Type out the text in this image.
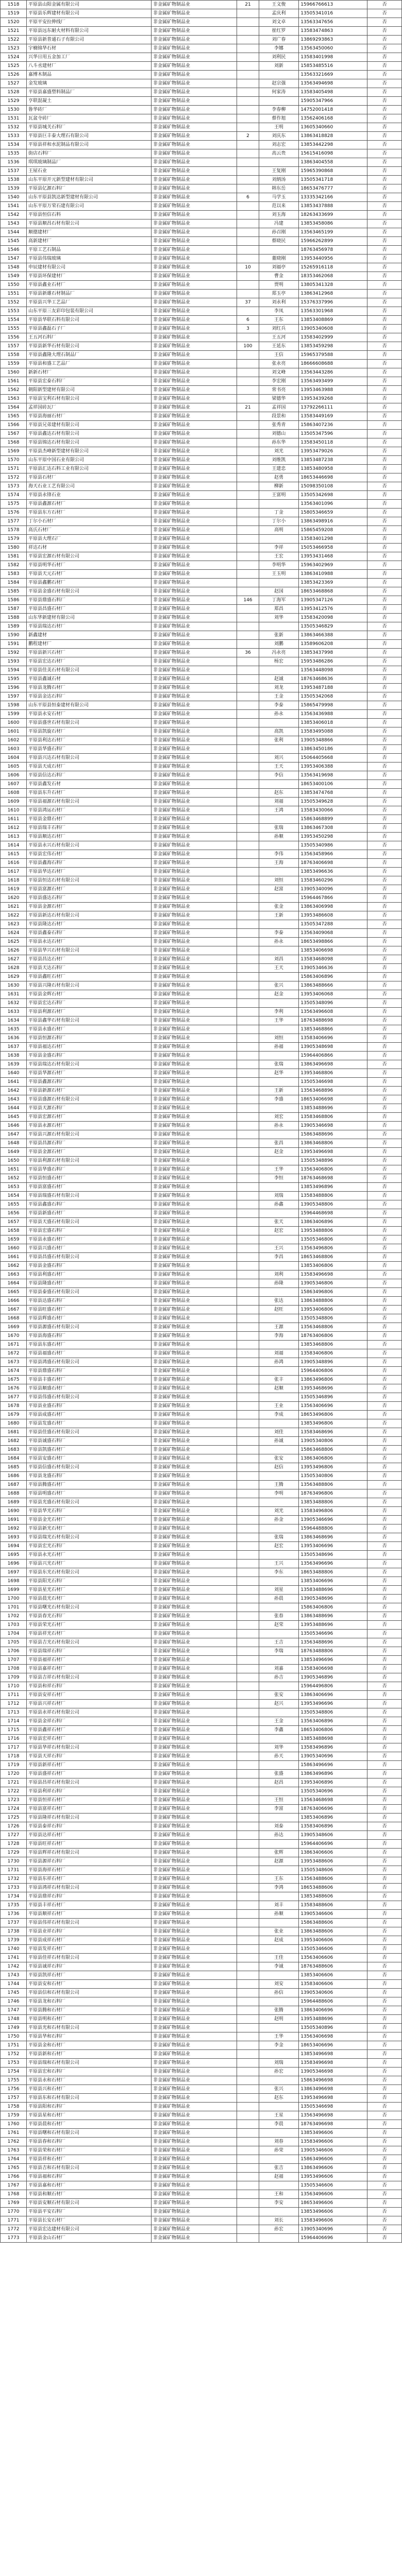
1518	平原县山阳金属有限公司	非金属矿物制品业	21	王文俊	15966766613	否
1519	平原县乐辉建材有限公司	非金属矿物制品业		孟庆利	13505341016	否
1520	平原平安拉伸线厂	非金属矿物制品业		刘文卓	13563347656	否
1521	平原县远东耐火材料有限公司	非金属矿物制品业		崔红罗	13583474863	否
1522	平原县新普通石子有限公司	非金属矿物制品业		刘广春	13869293863	否
1523	宇楠锦华石材	非金属矿物制品业		李娜	13563450060	否
1524	兴华日用五金加工厂	非金属矿物制品业		刘利民	13583401998	否
1525	八斗丞建材厂	非金属矿物制品业		刘新	15853485516	否
1526	嘉博木制品	非金属矿物制品业			13563321669	否
1527	金发玻璃	非金属矿物制品业		赵宗强	13563494698	否
1528	平原县嘉盛塑料制品厂	非金属矿物制品业		何家涛	13583405498	否
1529	亨联混凝土	非金属矿物制品业			15905347966	否
1530	鲁华砖厂	非金属矿物制品业		李春柳	14752001418	否
1531	瓦盆寺砖厂	非金属矿物制品业		蔡作旭	13562406168	否
1532	平原县城关石料厂	非金属矿物制品业		王明	13605340660	否
1533	平原县巨丰泰大理石有限公司	非金属矿物制品业	2	刘庆东	13863418828	否
1534	平原县祥和水泥制品有限公司	非金属矿物制品业		刘志宏	13853442298	否
1535	街店石料厂	非金属矿物制品业		高云贵	15615416098	否
1536	琪琪玻璃制品厂	非金属矿物制品业			13863404558	否
1537	王屋石业	非金属矿物制品业		王复刚	15965390868	否
1538	山东平原开元新型建材有限公司	非金属矿物制品业		刘炳汤	13505341718	否
1539	平原县亿源石料厂	非金属矿物制品业		韩东岳	18653476777	否
1540	山东平原县凯达新型建材有限公司	非金属矿物制品业	6	马学玉	13335342166	否
1541	山东平原万荣石建有限公司	非金属矿物制品业		范以来	13853437888	否
1542	平原县恒信石料	非金属矿物制品业		刘玉海	18263433699	否
1543	平原县顺昌石材有限公司	非金属矿物制品业		冯建	13853458086	否
1544	顺德建材厂	非金属矿物制品业		孙召刚	13563465199	否
1545	高新建材厂	非金属矿物制品业		蔡晓民	15966262899	否
1546	平原工艺石制品	非金属矿物制品业			18763456978	否
1547	平原县伟瑞玻璃	非金属矿物制品业		董晓刚	13953440956	否
1548	申辰建材有限公司	非金属矿物制品业	10	刘福亭	15265916118	否
1549	平原县环保建材厂	非金属矿物制品业		曹金	18353462068	否
1550	平原县鑫业石材厂	非金属矿物制品业		贾明	13805341328	否
1551	平原县新雄石材制品厂	非金属矿物制品业		郑玉亭	13863412968	否
1552	平原县兴华工艺品厂	非金属矿物制品业	37	刘永利	15376337996	否
1553	山东平原三友彩印包装有限公司	非金属矿物制品业		李凤	13563301968	否
1554	平原县华联石料有限公司	非金属矿物制品业	6	王东	13853408869	否
1555	平原县鑫磊石子厂	非金属矿物制品业	3	刘红兵	13905340608	否
1556	王五河石料厂	非金属矿物制品业		王五河	13583402999	否
1557	平原县新华石材有限公司	非金属矿物制品业	100	王延东	13853459298	否
1558	平原县鑫隆大理石制品厂	非金属矿物制品业		王信	15965379588	否
1559	平原县和盛工艺品厂	非金属矿物制品业		张永亮	18666608688	否
1560	新新石材厂	非金属矿物制品业		刘文峰	13563443286	否
1561	平原县宏泰石料厂	非金属矿物制品业		李宏刚	13563493499	否
1562	朝阳新型建材有限公司	非金属矿物制品业		常书亮	13953463988	否
1563	平原县宝利石材有限公司	非金属矿物制品业		梁德华	13953439268	否
1564	孟祥国砖瓦厂	非金属矿物制品业	21	孟祥国	13792266111	否
1565	平原县海丽石材厂	非金属矿物制品业		段景和	13583449169	否
1566	平原县兄弟建材有限公司	非金属矿物制品业		张秀青	15863407236	否
1567	平原县鑫达石材有限公司	非金属矿物制品业		刘德山	13505347596	否
1568	平原县锦达石材有限公司	非金属矿物制品业		孙东华	13583450118	否
1569	平原县杰峰新型建材有限公司	非金属矿物制品业		刘光	13953479026	否
1570	山东平原中国石业有限公司	非金属矿物制品业		刘维凯	13853487238	否
1571	平原县汇达石料工业有限公司	非金属矿物制品业		王建忠	13853480958	否
1572	平原县石材厂	非金属矿物制品业		赵勇	18653446698	否
1573	海天石业工艺有限公司	非金属矿物制品业		柳新	15098350108	否
1574	平原县永锋石业	非金属矿物制品业		王富明	13505342698	否
1575	平原县鑫源石材厂	非金属矿物制品业			13563401096	否
1576	平原县东方石材厂	非金属矿物制品业		丁金	15805346659	否
1577	丁尔小石材厂	非金属矿物制品业		丁尔小	13863498916	否
1578	高氏石材厂	非金属矿物制品业		高明	15865459208	否
1579	平原县大理石厂	非金属矿物制品业			13583401298	否
1580	祥达石材	非金属矿物制品业		李祥	15053466958	否
1581	平原县宏源石材有限公司	非金属矿物制品业		王宏	13953431468	否
1582	平原县明华石材厂	非金属矿物制品业		李明华	15963402969	否
1583	平原县天元石材厂	非金属矿物制品业		王玉明	13863410988	否
1584	平原县鑫鹏石材厂	非金属矿物制品业			13853423369	否
1585	平原县金盛石材有限公司	非金属矿物制品业		赵国	18653468868	否
1586	平原县鼎盛石料厂	非金属矿物制品业	146	丁海军	13905347126	否
1587	平原县昌盛石材厂	非金属矿物制品业		郑昌	13953412576	否
1588	山东华新建材有限公司	非金属矿物制品业		刘华	13583420098	否
1589	平原县瑞达石材厂	非金属矿物制品业			13505346829	否
1590	新鑫建材	非金属矿物制品业		张新	13863466388	否
1591	鹏程建材厂	非金属矿物制品业		刘鹏	13589606208	否
1592	平原县新兴石材厂	非金属矿物制品业	36	冯永亮	13853437998	否
1593	平原县宏达石材厂	非金属矿物制品业		杨宏	15953486286	否
1594	平原县佳美石材有限公司	非金属矿物制品业			13563448098	否
1595	平原县鑫诚石材	非金属矿物制品业		赵诚	18763468636	否
1596	平原县龙腾石材厂	非金属矿物制品业		刘龙	13953487188	否
1597	平原县金达石料厂	非金属矿物制品业		王金	13505342068	否
1598	山东平原县恒泰建材有限公司	非金属矿物制品业		李泰	15865479998	否
1599	平原县永安石材厂	非金属矿物制品业		孙永	13563436988	否
1600	平原县盛世石材有限公司	非金属矿物制品业			13853406018	否
1601	平原县凯旋石材厂	非金属矿物制品业		高凯	13583495088	否
1602	平原县利达石材厂	非金属矿物制品业		张利	13905348866	否
1603	平原县华盛石料厂	非金属矿物制品业			13863450186	否
1604	平原县兴达石材有限公司	非金属矿物制品业		刘兴	15064405668	否
1605	平原县天成石材厂	非金属矿物制品业		王天	13953406388	否
1606	平原县信达石料厂	非金属矿物制品业		李信	13563419698	否
1607	平原县鑫发石材	非金属矿物制品业			18653400106	否
1608	平原县东升石材厂	非金属矿物制品业		赵东	13853474768	否
1609	平原县福源石材有限公司	非金属矿物制品业		刘福	13505349628	否
1610	平原县鸿运石材厂	非金属矿物制品业		王鸿	13583430066	否
1611	平原县金鼎石材厂	非金属矿物制品业			15863468899	否
1612	平原县瑞丰石料厂	非金属矿物制品业		张瑞	13863467308	否
1613	平原县顺达石材厂	非金属矿物制品业		孙顺	13953450298	否
1614	平原县永兴石材有限公司	非金属矿物制品业			13505340986	否
1615	平原县宏伟石材厂	非金属矿物制品业		李伟	13563458966	否
1616	平原县鑫海石料厂	非金属矿物制品业		王海	18763406698	否
1617	平原县华达石材厂	非金属矿物制品业			13853496636	否
1618	平原县恒达石材有限公司	非金属矿物制品业		刘恒	13583460296	否
1619	平原县富源石材厂	非金属矿物制品业		赵富	13905340096	否
1620	平原县盛达石料厂	非金属矿物制品业			15964467866	否
1621	平原县金源石材厂	非金属矿物制品业		张金	13863406998	否
1622	平原县新达石材有限公司	非金属矿物制品业		王新	13953486608	否
1623	平原县隆达石材厂	非金属矿物制品业			13505347288	否
1624	平原县鑫泰石料厂	非金属矿物制品业		李泰	13563409068	否
1625	平原县永达石材厂	非金属矿物制品业		孙永	18653498866	否
1626	平原县华兴石材有限公司	非金属矿物制品业			13853406698	否
1627	平原县昌达石材厂	非金属矿物制品业		刘昌	13583468098	否
1628	平原县天达石料厂	非金属矿物制品业		王天	13905346636	否
1629	平原县鑫旺石材厂	非金属矿物制品业			15863406896	否
1630	平原县兴隆石材有限公司	非金属矿物制品业		张兴	13863488666	否
1631	平原县金辉石材厂	非金属矿物制品业		赵金	13953406068	否
1632	平原县宏达石料厂	非金属矿物制品业			13505348096	否
1633	平原县利源石材厂	非金属矿物制品业		李利	13563496608	否
1634	平原县鑫华石材有限公司	非金属矿物制品业		王华	18763488698	否
1635	平原县永盛石材厂	非金属矿物制品业			13853468866	否
1636	平原县恒源石料厂	非金属矿物制品业		刘恒	13583406696	否
1637	平原县福达石材厂	非金属矿物制品业		孙福	13905348698	否
1638	平原县金盛石料厂	非金属矿物制品业			15964406866	否
1639	平原县瑞达石材有限公司	非金属矿物制品业		张瑞	13863496698	否
1640	平原县华源石材厂	非金属矿物制品业		赵华	13953468806	否
1641	平原县鑫源石料厂	非金属矿物制品业			13505346698	否
1642	平原县新源石材厂	非金属矿物制品业		王新	13563468896	否
1643	平原县盛源石材有限公司	非金属矿物制品业		李盛	18653406698	否
1644	平原县天源石料厂	非金属矿物制品业			13853488696	否
1645	平原县宏源石材厂	非金属矿物制品业		刘宏	13583468806	否
1646	平原县永源石材厂	非金属矿物制品业		孙永	13905346698	否
1647	平原县兴源石材有限公司	非金属矿物制品业			15863488696	否
1648	平原县昌源石料厂	非金属矿物制品业		张昌	13863468806	否
1649	平原县金源石材厂	非金属矿物制品业		赵金	13953496698	否
1650	平原县利源石材有限公司	非金属矿物制品业			13505348896	否
1651	平原县华盛石料厂	非金属矿物制品业		王华	13563406806	否
1652	平原县恒盛石材厂	非金属矿物制品业		李恒	18763468698	否
1653	平原县富盛石材厂	非金属矿物制品业			13853496896	否
1654	平原县瑞盛石材有限公司	非金属矿物制品业		刘瑞	13583488806	否
1655	平原县鑫盛石料厂	非金属矿物制品业		孙鑫	13905348806	否
1656	平原县新盛石材厂	非金属矿物制品业			15964468698	否
1657	平原县天盛石材有限公司	非金属矿物制品业		张天	13863406896	否
1658	平原县宏盛石料厂	非金属矿物制品业		赵宏	13953488806	否
1659	平原县永盛石材厂	非金属矿物制品业			13505346806	否
1660	平原县兴盛石材厂	非金属矿物制品业		王兴	13563496806	否
1661	平原县昌盛石材有限公司	非金属矿物制品业		李昌	18653468806	否
1662	平原县金盛石料厂	非金属矿物制品业			13853406806	否
1663	平原县利盛石材厂	非金属矿物制品业		刘利	13583496698	否
1664	平原县隆盛石材厂	非金属矿物制品业		孙隆	13905346806	否
1665	平原县泰盛石材有限公司	非金属矿物制品业			15863496806	否
1666	平原县达盛石料厂	非金属矿物制品业		张达	13863488806	否
1667	平原县旺盛石材厂	非金属矿物制品业		赵旺	13953406806	否
1668	平原县辉盛石材厂	非金属矿物制品业			13505348806	否
1669	平原县源盛石材有限公司	非金属矿物制品业		王源	13563468806	否
1670	平原县海盛石料厂	非金属矿物制品业		李海	18763406806	否
1671	平原县东盛石材厂	非金属矿物制品业			13853468806	否
1672	平原县福盛石材厂	非金属矿物制品业		刘福	13583406806	否
1673	平原县鸿盛石材有限公司	非金属矿物制品业		孙鸿	13905348896	否
1674	平原县鼎盛石料厂	非金属矿物制品业			15964406806	否
1675	平原县丰盛石材厂	非金属矿物制品业		张丰	13863496806	否
1676	平原县顺盛石材厂	非金属矿物制品业		赵顺	13953468696	否
1677	平原县伟盛石材有限公司	非金属矿物制品业			13505346896	否
1678	平原县业盛石料厂	非金属矿物制品业		王业	13563406696	否
1679	平原县成盛石材厂	非金属矿物制品业		李成	18653496806	否
1680	平原县发盛石材厂	非金属矿物制品业			13853496806	否
1681	平原县佳盛石材有限公司	非金属矿物制品业		刘佳	13583468696	否
1682	平原县诚盛石料厂	非金属矿物制品业		孙诚	13905340806	否
1683	平原县凯盛石材厂	非金属矿物制品业			15863468806	否
1684	平原县安盛石材厂	非金属矿物制品业		张安	13863406806	否
1685	平原县信盛石材有限公司	非金属矿物制品业		赵信	13953496806	否
1686	平原县龙盛石料厂	非金属矿物制品业			13505340806	否
1687	平原县腾盛石材厂	非金属矿物制品业		王腾	13563488806	否
1688	平原县明盛石材厂	非金属矿物制品业		李明	18763496806	否
1689	平原县光盛石材有限公司	非金属矿物制品业			13853488806	否
1690	平原县华光石料厂	非金属矿物制品业		刘光	13583496806	否
1691	平原县金光石材厂	非金属矿物制品业		孙金	13905346696	否
1692	平原县新光石材厂	非金属矿物制品业			15964488806	否
1693	平原县瑞光石材有限公司	非金属矿物制品业		张瑞	13863468696	否
1694	平原县宏光石料厂	非金属矿物制品业		赵宏	13953406696	否
1695	平原县永光石材厂	非金属矿物制品业			13505348696	否
1696	平原县兴光石材厂	非金属矿物制品业		王兴	13563496696	否
1697	平原县东光石材有限公司	非金属矿物制品业		李东	18653488806	否
1698	平原县阳光石料厂	非金属矿物制品业			13853406696	否
1699	平原县星光石材厂	非金属矿物制品业		刘星	13583488696	否
1700	平原县晨光石材厂	非金属矿物制品业		孙晨	13905348696	否
1701	平原县曙光石材有限公司	非金属矿物制品业			15863406806	否
1702	平原县春光石料厂	非金属矿物制品业		张春	13863488696	否
1703	平原县荣光石材厂	非金属矿物制品业		赵荣	13953488696	否
1704	平原县祥光石材厂	非金属矿物制品业			13505346696	否
1705	平原县吉光石材有限公司	非金属矿物制品业		王吉	13563488696	否
1706	平原县瑞祥石料厂	非金属矿物制品业		李瑞	18763488806	否
1707	平原县福祥石材厂	非金属矿物制品业			13853496696	否
1708	平原县嘉祥石材厂	非金属矿物制品业		刘嘉	13583406698	否
1709	平原县吉祥石材有限公司	非金属矿物制品业		孙吉	13905346896	否
1710	平原县和祥石料厂	非金属矿物制品业			15964496806	否
1711	平原县安祥石材厂	非金属矿物制品业		张安	13863406696	否
1712	平原县兴祥石材厂	非金属矿物制品业		赵兴	13953496696	否
1713	平原县永祥石材有限公司	非金属矿物制品业			13505348806	否
1714	平原县金祥石料厂	非金属矿物制品业		王金	13563406896	否
1715	平原县鑫祥石材厂	非金属矿物制品业		李鑫	18653406806	否
1716	平原县宏祥石材厂	非金属矿物制品业			13853488698	否
1717	平原县华祥石材有限公司	非金属矿物制品业		刘华	13583496896	否
1718	平原县天祥石料厂	非金属矿物制品业		孙天	13905340696	否
1719	平原县新祥石材厂	非金属矿物制品业			15863496696	否
1720	平原县盛祥石材厂	非金属矿物制品业		张盛	13863496896	否
1721	平原县昌祥石材有限公司	非金属矿物制品业		赵昌	13953406896	否
1722	平原县利祥石料厂	非金属矿物制品业			13505340696	否
1723	平原县恒祥石材厂	非金属矿物制品业		王恒	13563468698	否
1724	平原县富祥石材厂	非金属矿物制品业		李富	18763406696	否
1725	平原县隆祥石材有限公司	非金属矿物制品业			13853406896	否
1726	平原县泰祥石料厂	非金属矿物制品业		刘泰	13583406896	否
1727	平原县达祥石材厂	非金属矿物制品业		孙达	13905348606	否
1728	平原县旺祥石材厂	非金属矿物制品业			15964406696	否
1729	平原县辉祥石材有限公司	非金属矿物制品业		张辉	13863406606	否
1730	平原县源祥石料厂	非金属矿物制品业		赵源	13953488606	否
1731	平原县海祥石材厂	非金属矿物制品业			13505348606	否
1732	平原县东祥石材厂	非金属矿物制品业		王东	13563488606	否
1733	平原县鸿祥石材有限公司	非金属矿物制品业		李鸿	18653488606	否
1734	平原县鼎祥石料厂	非金属矿物制品业			13853488606	否
1735	平原县丰祥石材厂	非金属矿物制品业		刘丰	13583488606	否
1736	平原县顺祥石材厂	非金属矿物制品业		孙顺	13905346606	否
1737	平原县伟祥石材有限公司	非金属矿物制品业			15863488606	否
1738	平原县业祥石料厂	非金属矿物制品业		张业	13863488606	否
1739	平原县成祥石材厂	非金属矿物制品业		赵成	13953406606	否
1740	平原县发祥石材厂	非金属矿物制品业			13505346606	否
1741	平原县佳祥石材有限公司	非金属矿物制品业		王佳	13563406606	否
1742	平原县诚祥石料厂	非金属矿物制品业		李诚	18763488606	否
1743	平原县凯祥石材厂	非金属矿物制品业			13853406606	否
1744	平原县安和石材厂	非金属矿物制品业		刘安	13583406606	否
1745	平原县信和石材有限公司	非金属矿物制品业		孙信	13905340606	否
1746	平原县龙和石料厂	非金属矿物制品业			15964488606	否
1747	平原县腾和石材厂	非金属矿物制品业		张腾	13863406696	否
1748	平原县明和石材厂	非金属矿物制品业		赵明	13953488696	否
1749	平原县光和石材有限公司	非金属矿物制品业			13505340896	否
1750	平原县华和石料厂	非金属矿物制品业		王华	13563406698	否
1751	平原县金和石材厂	非金属矿物制品业		李金	18653406696	否
1752	平原县新和石材厂	非金属矿物制品业			13853496698	否
1753	平原县瑞和石材有限公司	非金属矿物制品业		刘瑞	13583496698	否
1754	平原县宏和石料厂	非金属矿物制品业		孙宏	13905346698	否
1755	平原县永和石材厂	非金属矿物制品业			15863496698	否
1756	平原县兴和石材厂	非金属矿物制品业		张兴	13863496698	否
1757	平原县东和石材有限公司	非金属矿物制品业		赵东	13953496698	否
1758	平原县阳和石料厂	非金属矿物制品业			13505346698	否
1759	平原县星和石材厂	非金属矿物制品业		王星	13563496698	否
1760	平原县晨和石材厂	非金属矿物制品业		李晨	18763496698	否
1761	平原县曙和石材有限公司	非金属矿物制品业			13853496606	否
1762	平原县春和石料厂	非金属矿物制品业		刘春	13583496606	否
1763	平原县荣和石材厂	非金属矿物制品业		孙荣	13905346606	否
1764	平原县祥和石材厂	非金属矿物制品业			15863496606	否
1765	平原县吉和石材有限公司	非金属矿物制品业		张吉	13863496606	否
1766	平原县福和石料厂	非金属矿物制品业		赵福	13953496606	否
1767	平原县嘉和石材厂	非金属矿物制品业			13505346606	否
1768	平原县和顺石材厂	非金属矿物制品业		王和	13563496606	否
1769	平原县安顺石材有限公司	非金属矿物制品业		李安	18653496606	否
1770	平原县平安石料厂	非金属矿物制品业			13853496606	否
1771	平原县长安石材厂	非金属矿物制品业		刘长	13583496606	否
1772	平原县宏达建材有限公司	非金属矿物制品业		孙宏	13905340696	否
1773	平原县金山石材厂	非金属矿物制品业			15964406696	否
